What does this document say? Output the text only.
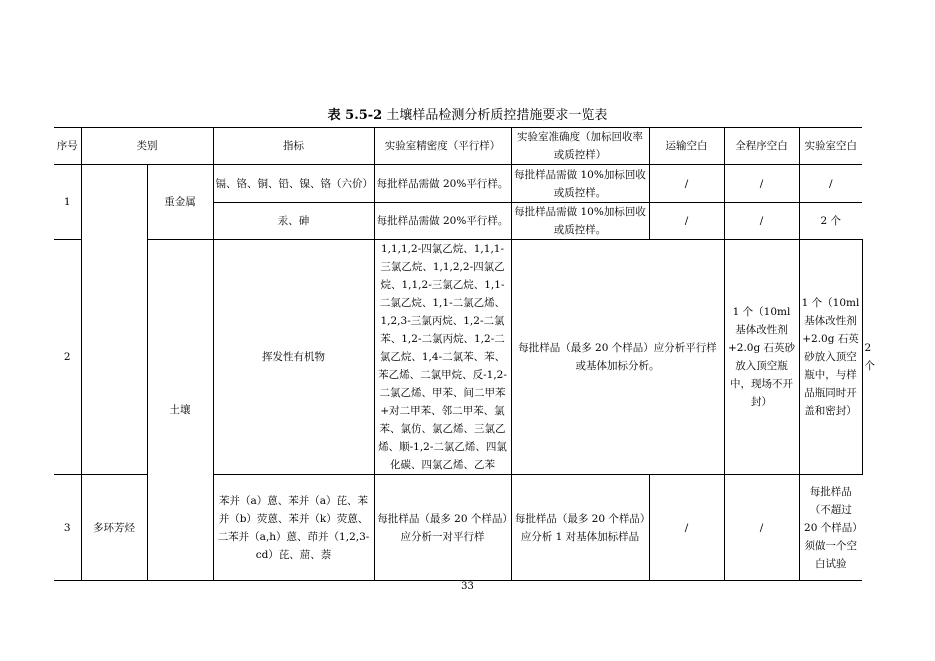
表 5.5-2 土壤样品检测分析质控措施要求一览表
序号	类别		指标	实验室精密度（平行样）	实验室准确度（加标回收率或质控样）	运输空白	全程序空白	实验室空白	
1		重金属	镉、铬、铜、铅、镍、铬（六价）	每批样品需做 20%平行样。	每批样品需做 10%加标回收或质控样。	/	/	/	
			汞、砷	每批样品需做 20%平行样。	每批样品需做 10%加标回收或质控样。	/	/	2 个	
2		土壤	挥发性有机物	1,1,1,2-四氯乙烷、1,1,1-三氯乙烷、1,1,2,2-四氯乙烷、1,1,2-三氯乙烷、1,1-二氯乙烷、1,1-二氯乙烯、1,2,3-三氯丙烷、1,2-二氯苯、1,2-二氯丙烷、1,2-二氯乙烷、1,4-二氯苯、苯、苯乙烯、二氯甲烷、反-1,2-二氯乙烯、甲苯、间二甲苯+对二甲苯、邻二甲苯、氯苯、氯仿、氯乙烯、三氯乙烯、顺-1,2-二氯乙烯、四氯化碳、四氯乙烯、乙苯	每批样品（最多 20 个样品）应分析平行样或基体加标分析。		1 个（10ml 基体改性剂+2.0g 石英砂放入顶空瓶中，现场不开封）	1 个（10ml 基体改性剂+2.0g 石英砂放入顶空瓶中，与样品瓶同时开盖和密封）	2 个
3	多环芳烃		苯并（a）蒽、苯并（a）芘、苯并（b）荧蒽、苯并（k）荧蒽、二苯并（a,h）蒽、茚并（1,2,3-cd）芘、䓛、萘	每批样品（最多 20 个样品）应分析一对平行样	每批样品（最多 20 个样品）应分析 1 对基体加标样品	/	/	每批样品（不超过 20 个样品）须做一个空白试验	
33
